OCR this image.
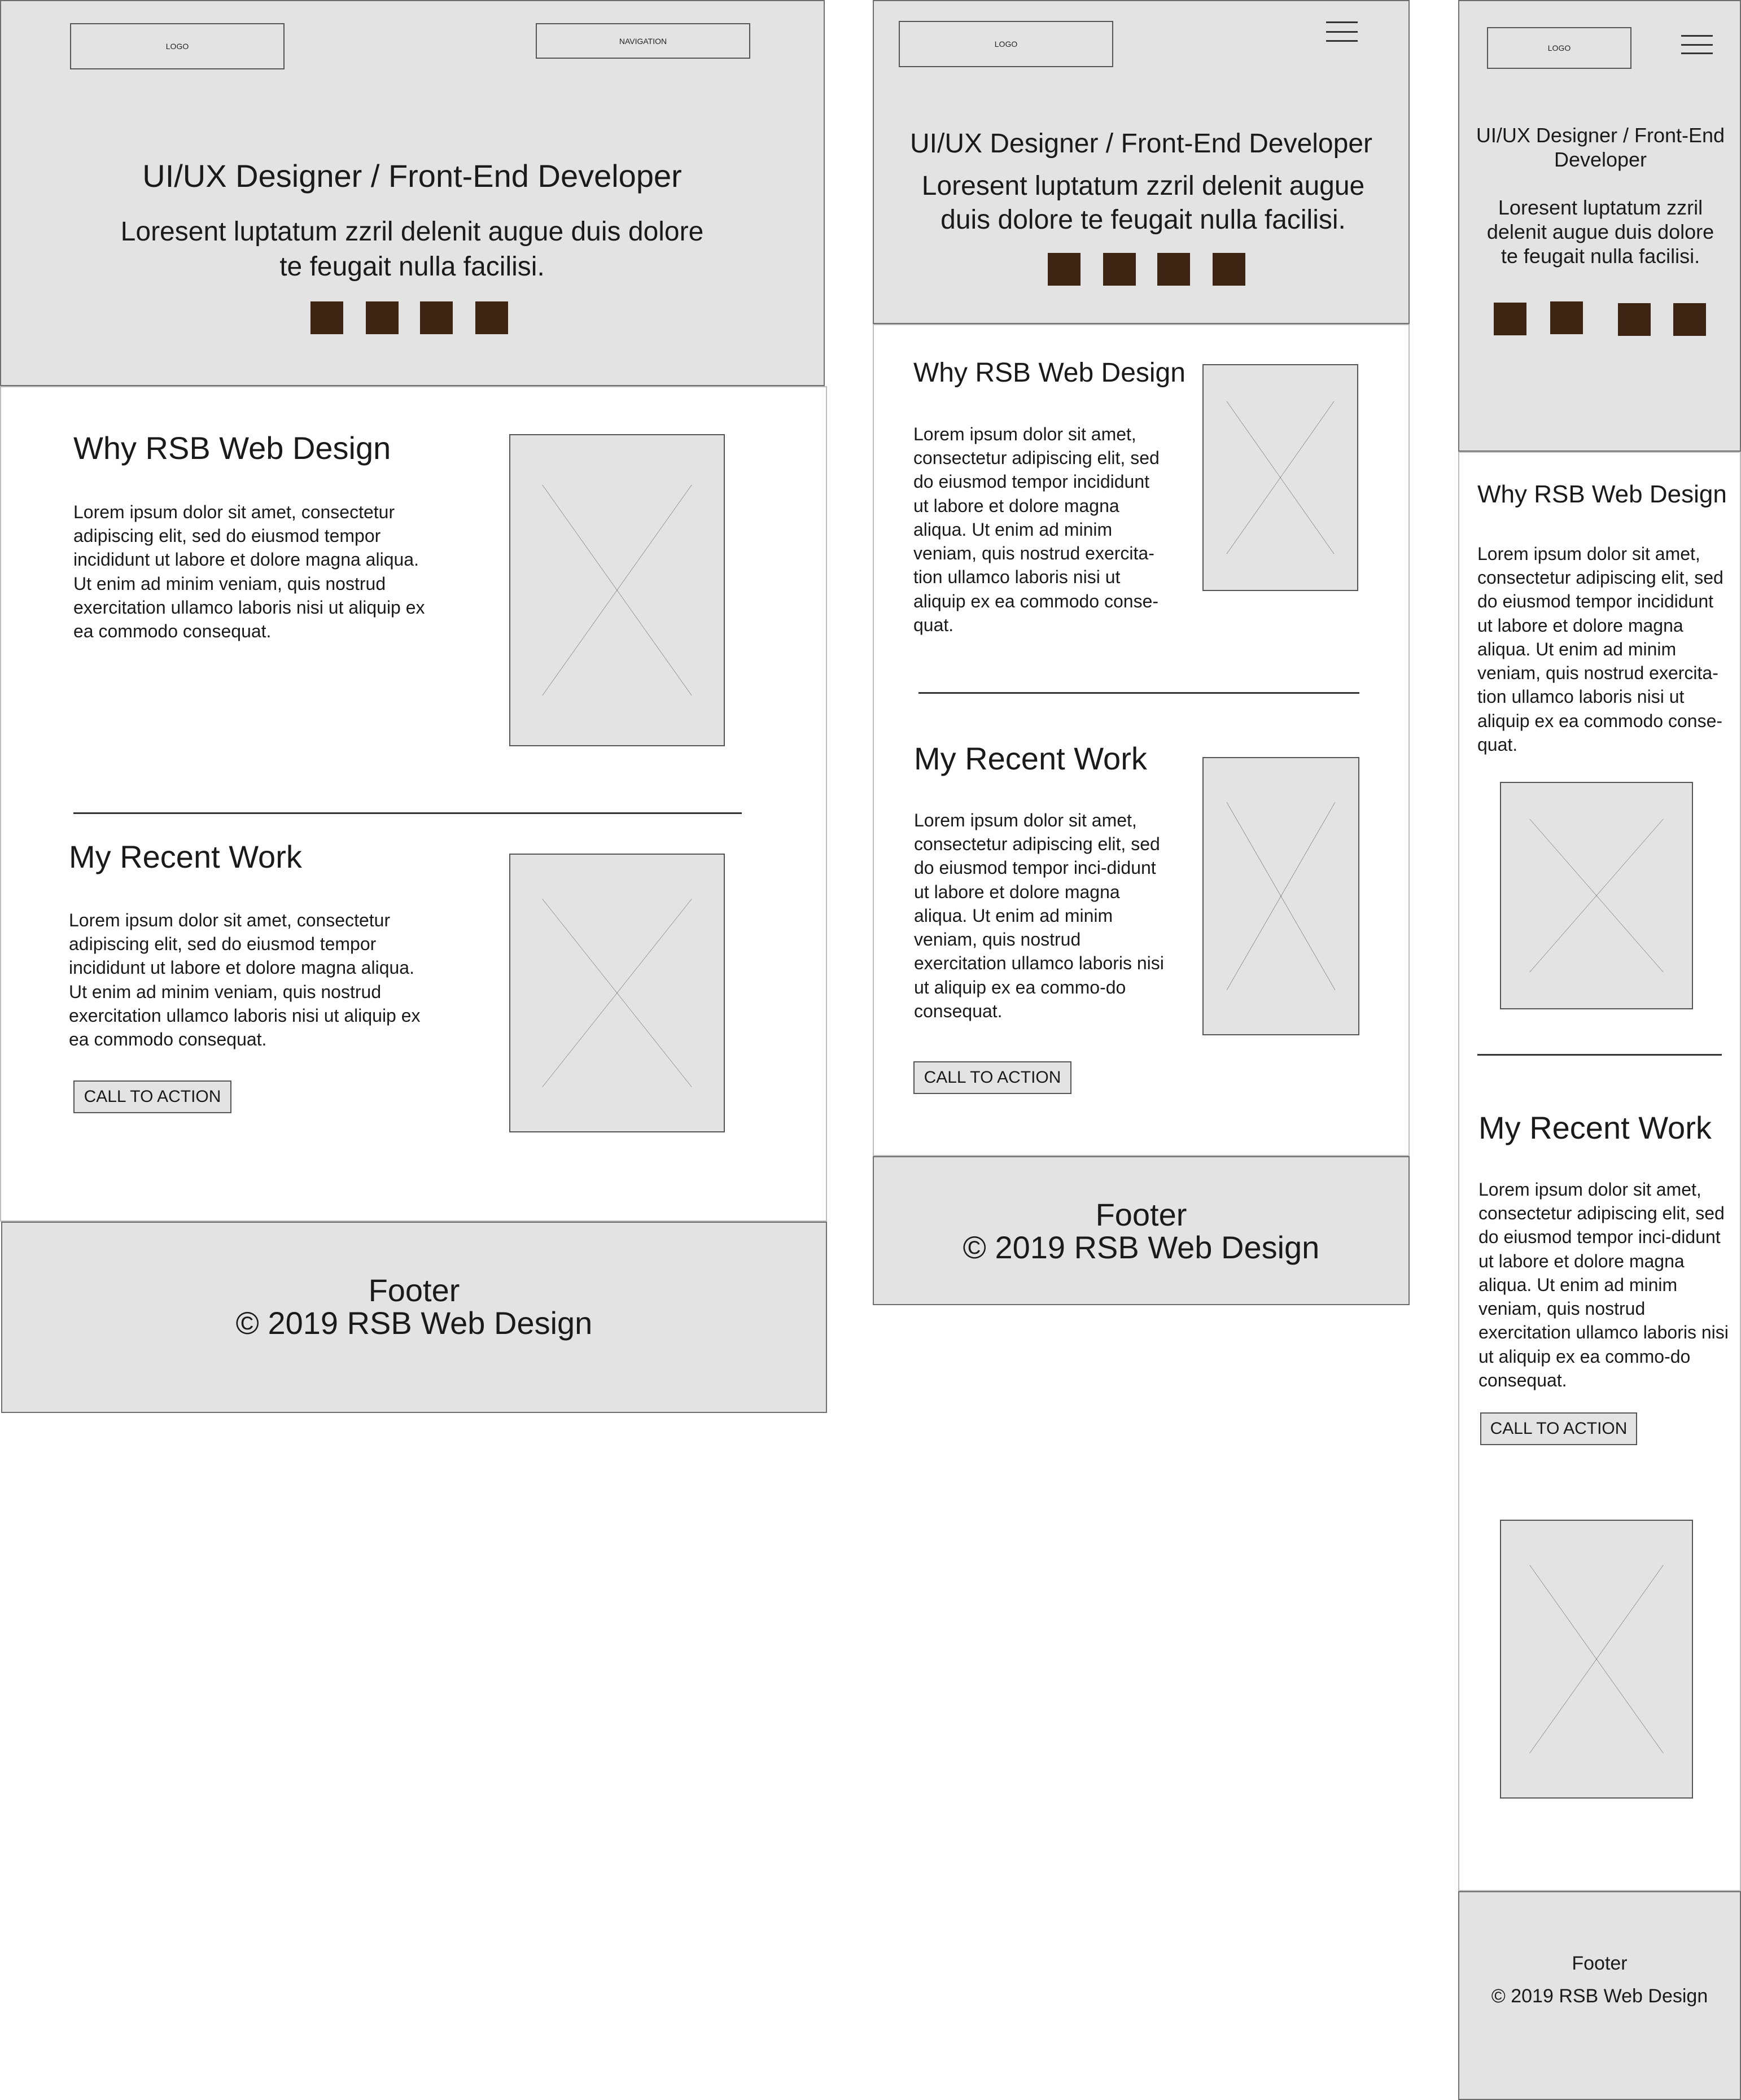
LOGO
NAVIGATION
UI/UX Designer / Front-End Developer
Loresent luptatum zzril delenit augue duis dolore te feugait nulla facilisi.
Why RSB Web Design
Lorem ipsum dolor sit amet, consectetur adipiscing elit, sed do eiusmod tempor incididunt ut labore et dolore magna aliqua. Ut enim ad minim veniam, quis nostrud exercitation ullamco laboris nisi ut aliquip ex ea commodo consequat.
My Recent Work
Lorem ipsum dolor sit amet, consectetur adipiscing elit, sed do eiusmod tempor incididunt ut labore et dolore magna aliqua. Ut enim ad minim veniam, quis nostrud exercitation ullamco laboris nisi ut aliquip ex ea commodo consequat.
CALL TO ACTION
Footer
© 2019 RSB Web Design
LOGO
UI/UX Designer / Front-End Developer
Loresent luptatum zzril delenit augue duis dolore te feugait nulla facilisi.
Why RSB Web Design
Lorem ipsum dolor sit amet, consectetur adipiscing elit, sed do eiusmod tempor incididunt ut labore et dolore magna aliqua. Ut enim ad minim veniam, quis nostrud exercita-tion ullamco laboris nisi ut aliquip ex ea commodo conse-quat.
My Recent Work
Lorem ipsum dolor sit amet, consectetur adipiscing elit, sed do eiusmod tempor inci-didunt ut labore et dolore magna aliqua. Ut enim ad minim veniam, quis nostrud exercitation ullamco laboris nisi ut aliquip ex ea commo-do consequat.
CALL TO ACTION
Footer
© 2019 RSB Web Design
LOGO
UI/UX Designer / Front-End Developer
Loresent luptatum zzril delenit augue duis dolore te feugait nulla facilisi.
Why RSB Web Design
Lorem ipsum dolor sit amet, consectetur adipiscing elit, sed do eiusmod tempor incididunt ut labore et dolore magna aliqua. Ut enim ad minim veniam, quis nostrud exercita-tion ullamco laboris nisi ut aliquip ex ea commodo conse-quat.
My Recent Work
Lorem ipsum dolor sit amet, consectetur adipiscing elit, sed do eiusmod tempor inci-didunt ut labore et dolore magna aliqua. Ut enim ad minim veniam, quis nostrud exercitation ullamco laboris nisi ut aliquip ex ea commo-do consequat.
CALL TO ACTION
Footer
© 2019 RSB Web Design
